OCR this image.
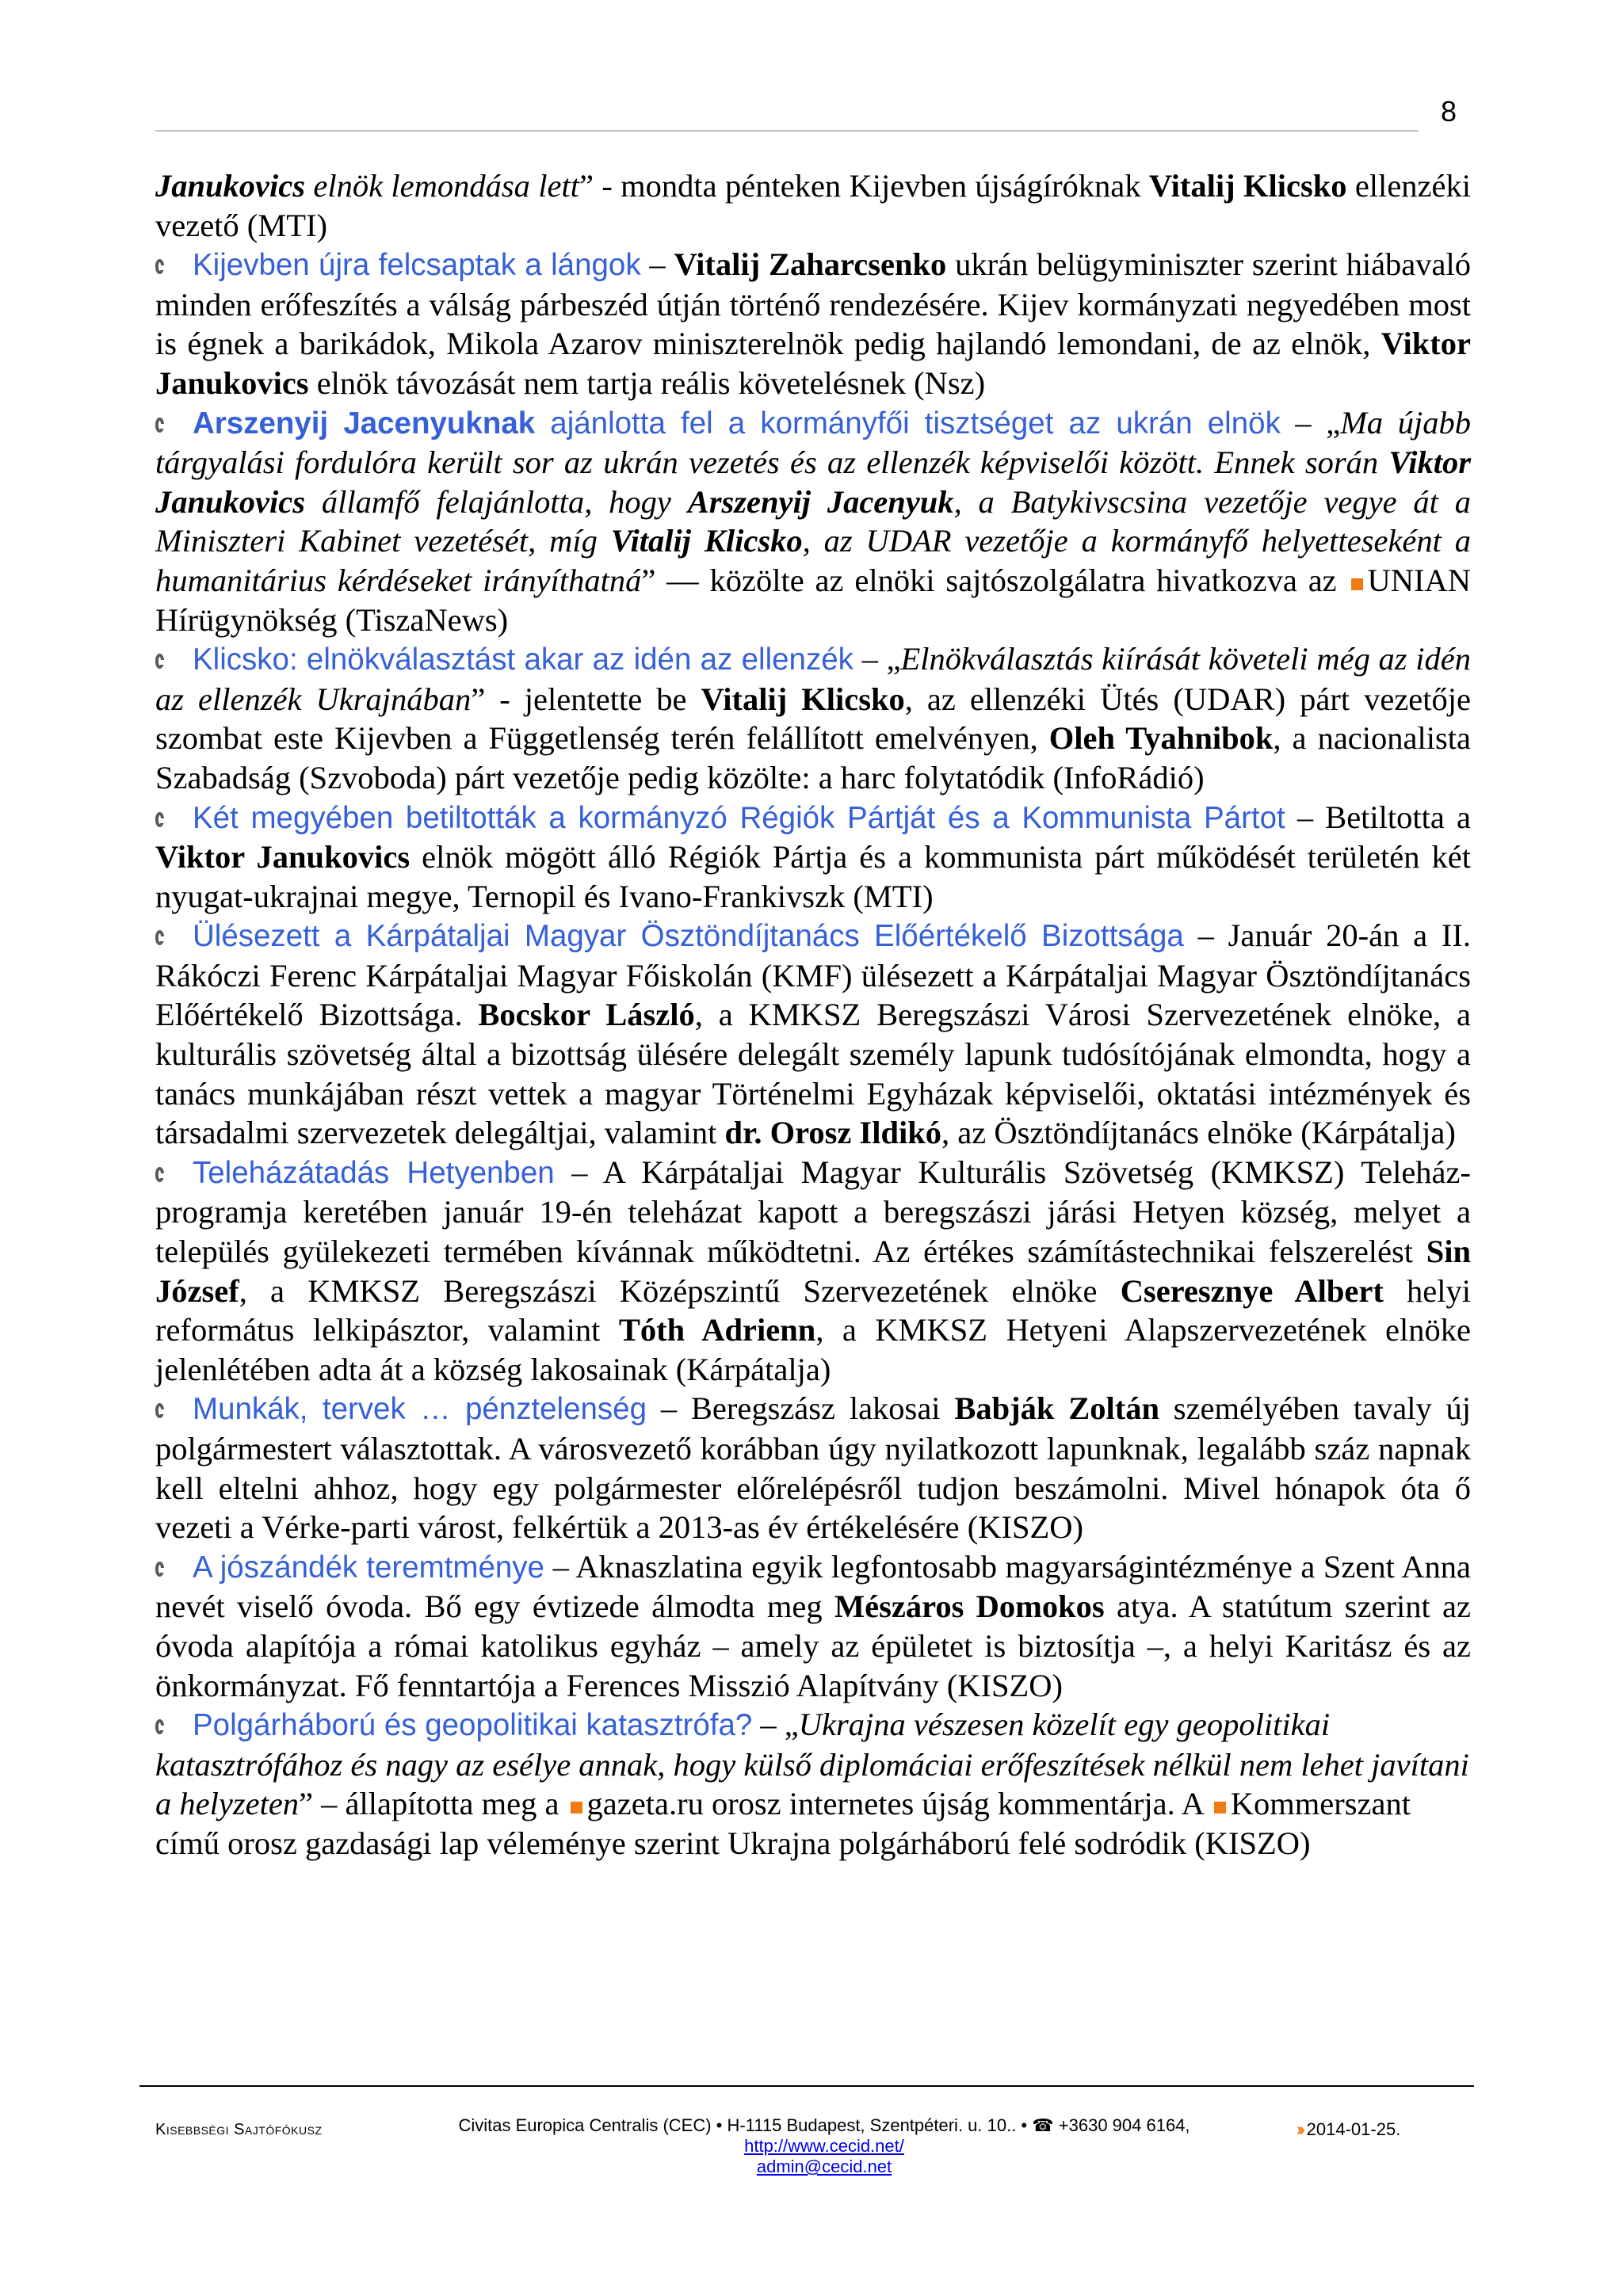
8

Janukovics elnök lemondása lett” - mondta pénteken Kijevben újságíróknak Vitalij Klicsko ellenzéki vezető (MTI)

Kijevben újra felcsaptak a lángok – Vitalij Zaharcsenko ukrán belügyminiszter szerint hiábavaló minden erőfeszítés a válság párbeszéd útján történő rendezésére. Kijev kormányzati negyedében most is égnek a barikádok, Mikola Azarov miniszterelnök pedig hajlandó lemondani, de az elnök, Viktor Janukovics elnök távozását nem tartja reális követelésnek (Nsz)

Arszenyij Jacenyuknak ajánlotta fel a kormányfői tisztséget az ukrán elnök – „Ma újabb tárgyalási fordulóra került sor az ukrán vezetés és az ellenzék képviselői között. Ennek során Viktor Janukovics államfő felajánlotta, hogy Arszenyij Jacenyuk, a Batykivscsina vezetője vegye át a Miniszteri Kabinet vezetését, míg Vitalij Klicsko, az UDAR vezetője a kormányfő helyetteseként a humanitárius kérdéseket irányíthatná” — közölte az elnöki sajtószolgálatra hivatkozva az UNIAN Hírügynökség (TiszaNews)

Klicsko: elnökválasztást akar az idén az ellenzék – „Elnökválasztás kiírását követeli még az idén az ellenzék Ukrajnában” - jelentette be Vitalij Klicsko, az ellenzéki Ütés (UDAR) párt vezetője szombat este Kijevben a Függetlenség terén felállított emelvényen, Oleh Tyahnibok, a nacionalista Szabadság (Szvoboda) párt vezetője pedig közölte: a harc folytatódik (InfoRádió)

Két megyében betiltották a kormányzó Régiók Pártját és a Kommunista Pártot – Betiltotta a Viktor Janukovics elnök mögött álló Régiók Pártja és a kommunista párt működését területén két nyugat-ukrajnai megye, Ternopil és Ivano-Frankivszk (MTI)

Ülésezett a Kárpátaljai Magyar Ösztöndíjtanács Előértékelő Bizottsága – Január 20-án a II. Rákóczi Ferenc Kárpátaljai Magyar Főiskolán (KMF) ülésezett a Kárpátaljai Magyar Ösztöndíjtanács Előértékelő Bizottsága. Bocskor László, a KMKSZ Beregszászi Városi Szervezetének elnöke, a kulturális szövetség által a bizottság ülésére delegált személy lapunk tudósítójának elmondta, hogy a tanács munkájában részt vettek a magyar Történelmi Egyházak képviselői, oktatási intézmények és társadalmi szervezetek delegáltjai, valamint dr. Orosz Ildikó, az Ösztöndíjtanács elnöke (Kárpátalja)

Teleházátadás Hetyenben – A Kárpátaljai Magyar Kulturális Szövetség (KMKSZ) Teleház-programja keretében január 19-én teleházat kapott a beregszászi járási Hetyen község, melyet a település gyülekezeti termében kívánnak működtetni. Az értékes számítástechnikai felszerelést Sin József, a KMKSZ Beregszászi Középszintű Szervezetének elnöke Cseresznye Albert helyi református lelkipásztor, valamint Tóth Adrienn, a KMKSZ Hetyeni Alapszervezetének elnöke jelenlétében adta át a község lakosainak (Kárpátalja)

Munkák, tervek … pénztelenség – Beregszász lakosai Babják Zoltán személyében tavaly új polgármestert választottak. A városvezető korábban úgy nyilatkozott lapunknak, legalább száz napnak kell eltelni ahhoz, hogy egy polgármester előrelépésről tudjon beszámolni. Mivel hónapok óta ő vezeti a Vérke-parti várost, felkértük a 2013-as év értékelésére (KISZO)

A jószándék teremtménye – Aknaszlatina egyik legfontosabb magyarságintézménye a Szent Anna nevét viselő óvoda. Bő egy évtizede álmodta meg Mészáros Domokos atya. A statútum szerint az óvoda alapítója a római katolikus egyház – amely az épületet is biztosítja –, a helyi Karitász és az önkormányzat. Fő fenntartója a Ferences Misszió Alapítvány (KISZO)

Polgárháború és geopolitikai katasztrófa? – „Ukrajna vészesen közelít egy geopolitikai katasztrófához és nagy az esélye annak, hogy külső diplomáciai erőfeszítések nélkül nem lehet javítani a helyzeten” – állapította meg a gazeta.ru orosz internetes újság kommentárja. A Kommerszant című orosz gazdasági lap véleménye szerint Ukrajna polgárháború felé sodródik (KISZO)

Kisebbségi Sajtófókusz	Civitas Europica Centralis (CEC) • H-1115 Budapest, Szentpéteri. u. 10.. • ☎ +3630 904 6164,
http://www.cecid.net/
admin@cecid.net
›› 2014-01-25.
